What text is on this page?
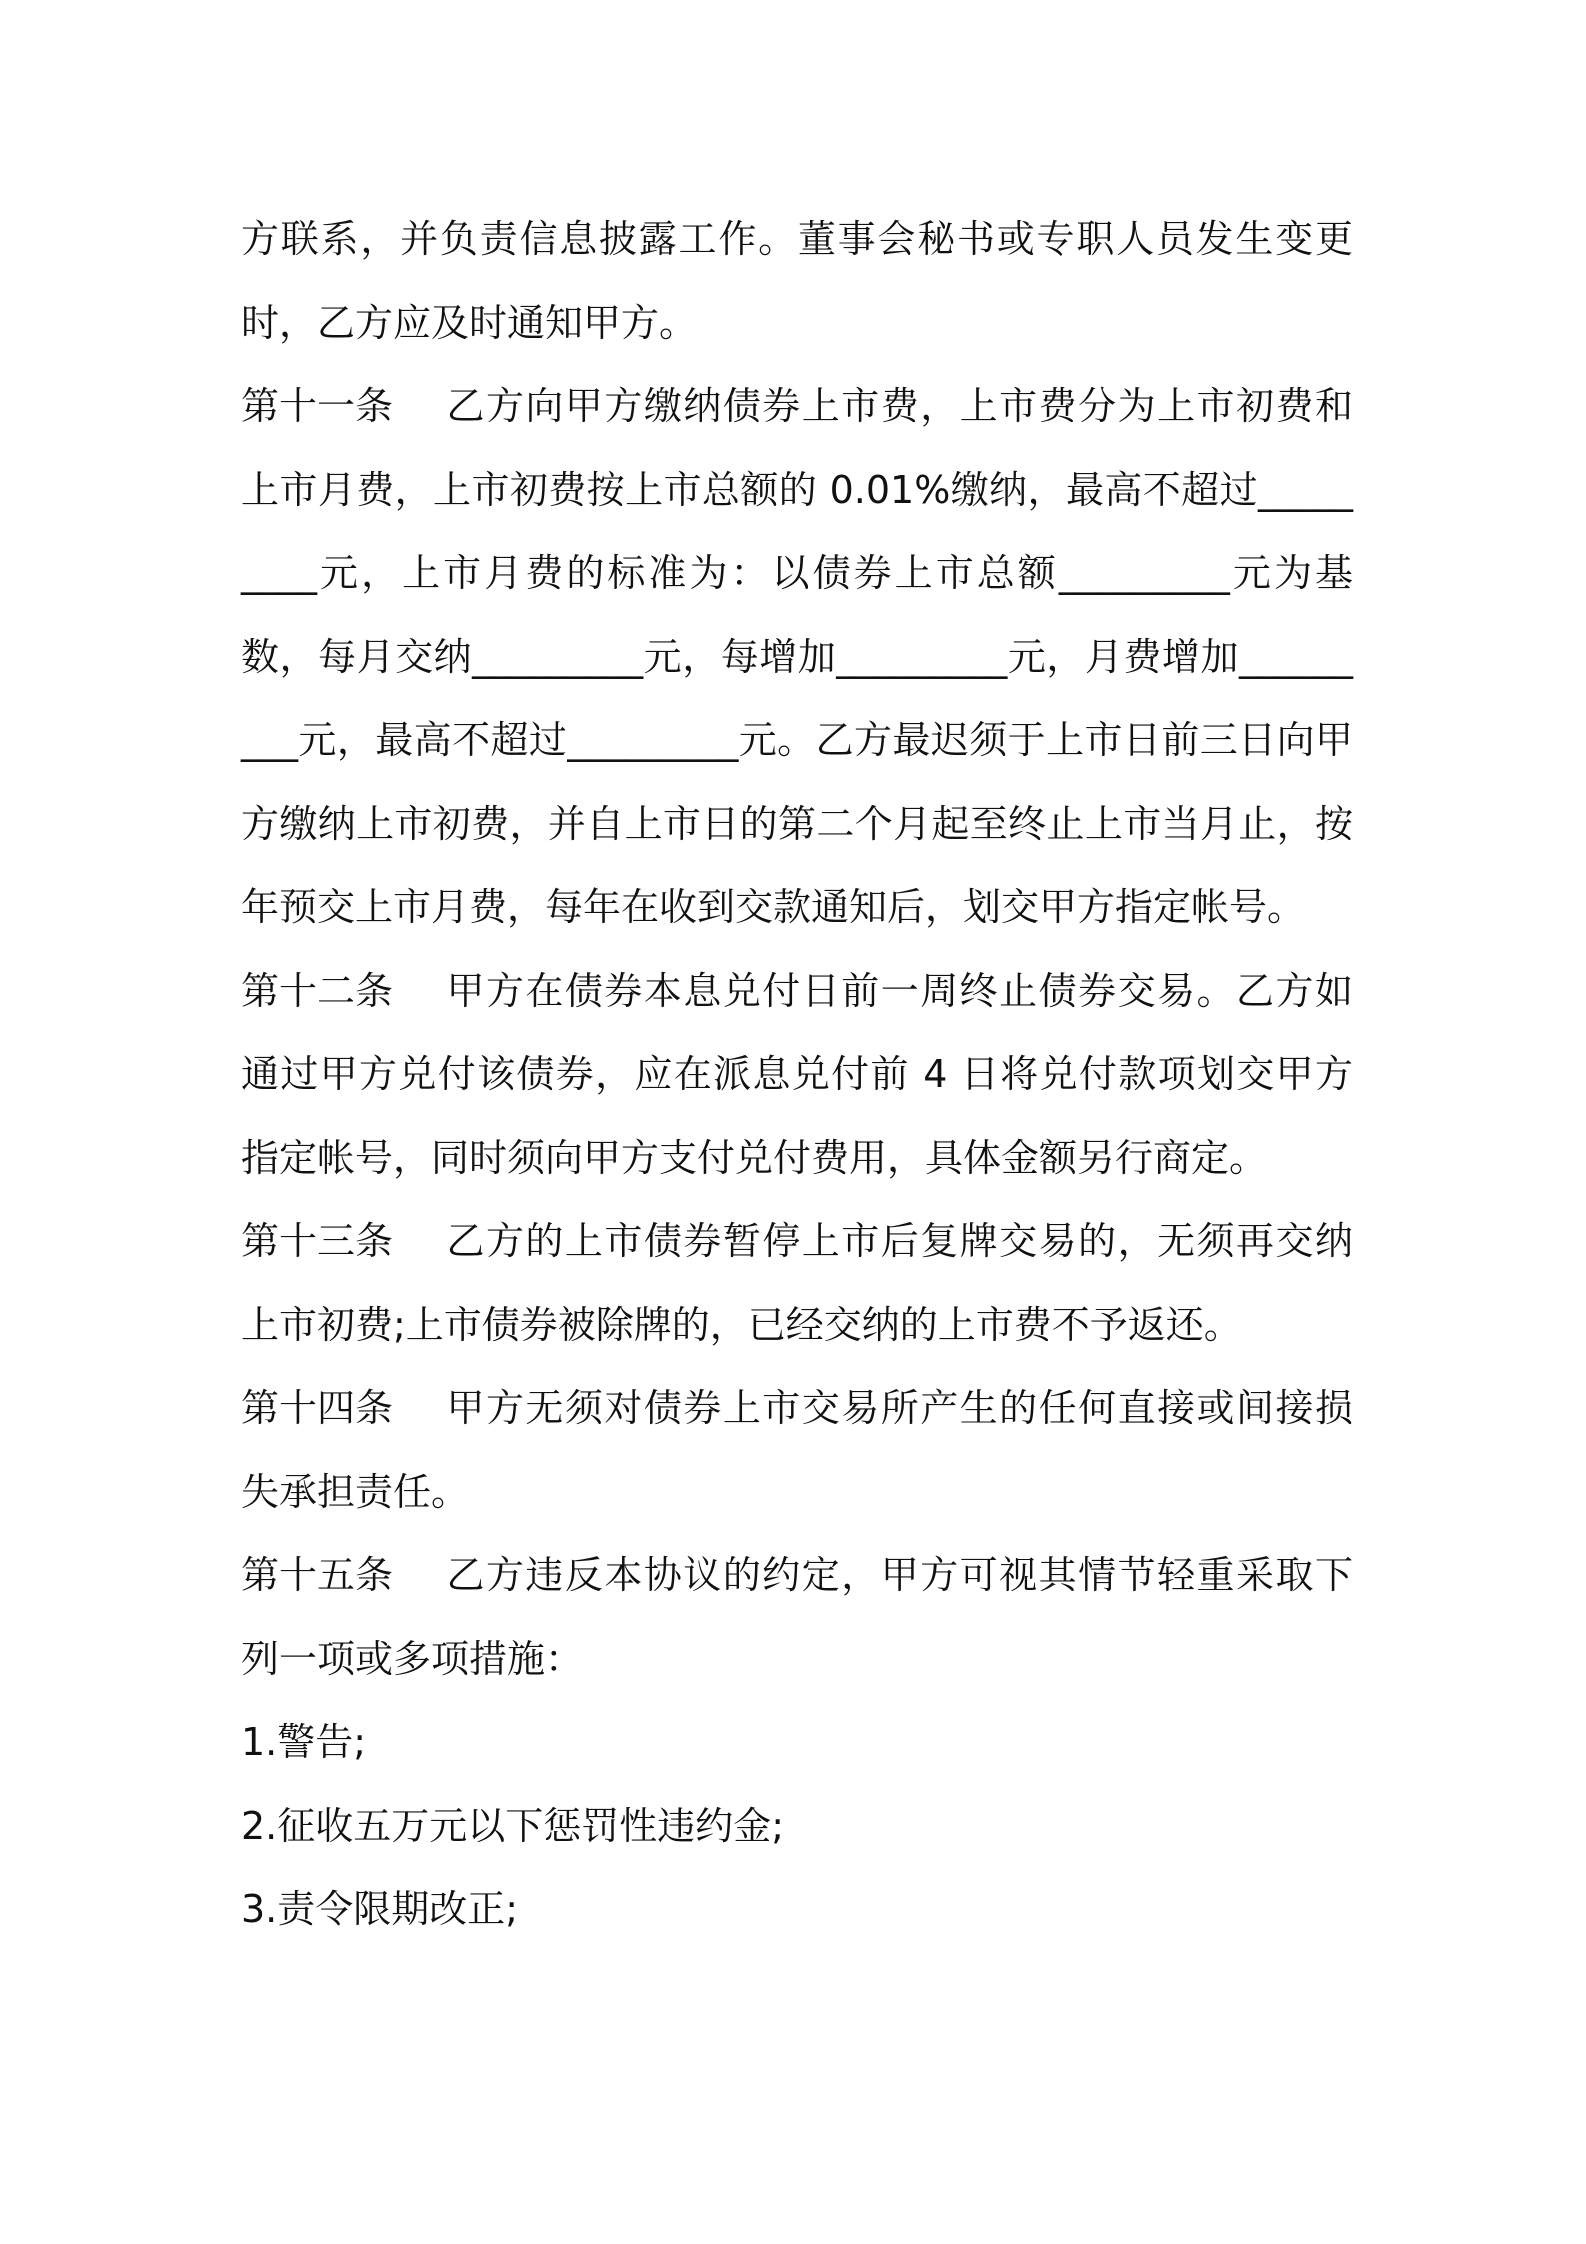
方联系，并负责信息披露工作。董事会秘书或专职人员发生变更时，乙方应及时通知甲方。

第十一条 乙方向甲方缴纳债券上市费，上市费分为上市初费和上市月费，上市初费按上市总额的 0.01%缴纳，最高不超过_________元，上市月费的标准为：以债券上市总额_________元为基数，每月交纳_________元，每增加_________元，月费增加_________元，最高不超过_________元。乙方最迟须于上市日前三日向甲方缴纳上市初费，并自上市日的第二个月起至终止上市当月止，按年预交上市月费，每年在收到交款通知后，划交甲方指定帐号。

第十二条 甲方在债券本息兑付日前一周终止债券交易。乙方如通过甲方兑付该债券，应在派息兑付前 4 日将兑付款项划交甲方指定帐号，同时须向甲方支付兑付费用，具体金额另行商定。

第十三条 乙方的上市债券暂停上市后复牌交易的，无须再交纳上市初费;上市债券被除牌的，已经交纳的上市费不予返还。

第十四条 甲方无须对债券上市交易所产生的任何直接或间接损失承担责任。

第十五条 乙方违反本协议的约定，甲方可视其情节轻重采取下列一项或多项措施：

1.警告;

2.征收五万元以下惩罚性违约金;

3.责令限期改正;
